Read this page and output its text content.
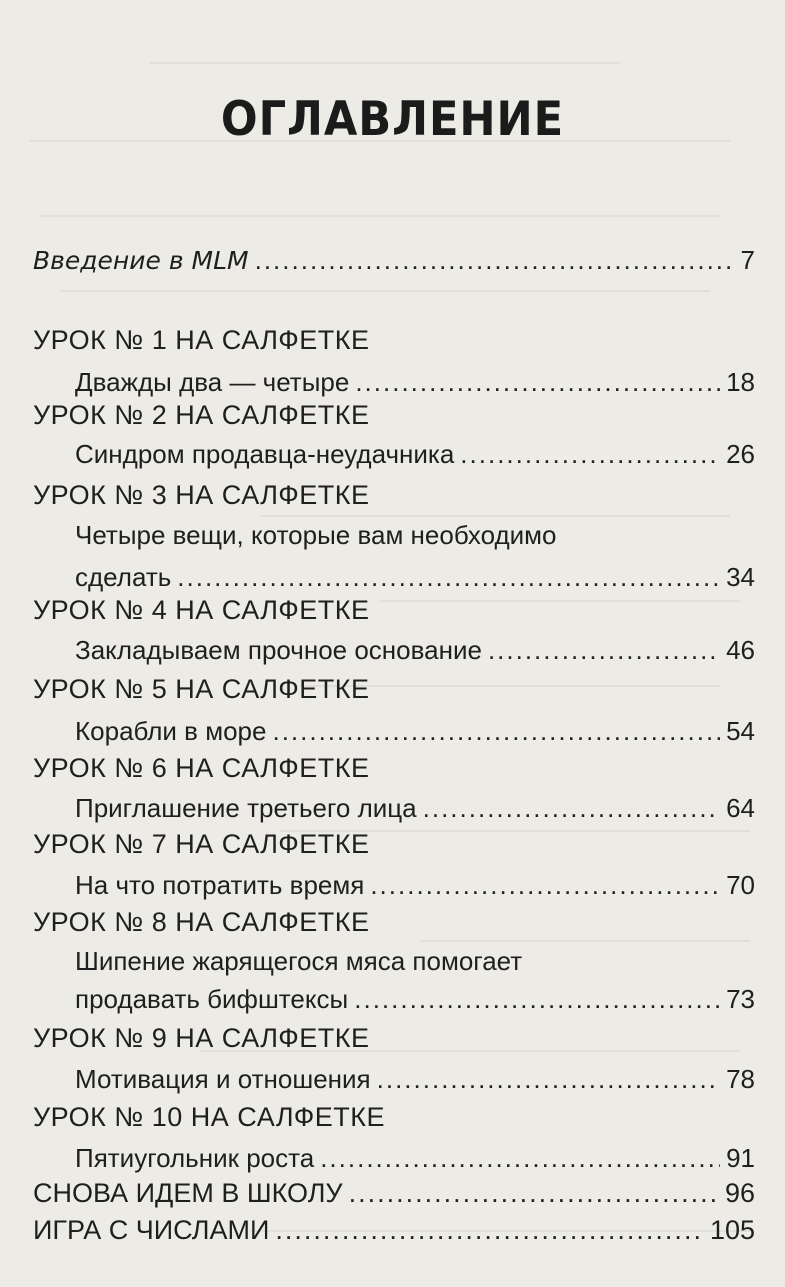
ОГЛАВЛЕНИЕ
Введение в MLM .....	7
УРОК № 1 НА САЛФЕТКЕ
Дважды два — четыре .....	18
УРОК № 2 НА САЛФЕТКЕ
Синдром продавца-неудачника .....	26
УРОК № 3 НА САЛФЕТКЕ
Четыре вещи, которые вам необходимо
сделать .....	34
УРОК № 4 НА САЛФЕТКЕ
Закладываем прочное основание .....	46
УРОК № 5 НА САЛФЕТКЕ
Корабли в море .....	54
УРОК № 6 НА САЛФЕТКЕ
Приглашение третьего лица .....	64
УРОК № 7 НА САЛФЕТКЕ
На что потратить время .....	70
УРОК № 8 НА САЛФЕТКЕ
Шипение жарящегося мяса помогает
продавать бифштексы .....	73
УРОК № 9 НА САЛФЕТКЕ
Мотивация и отношения .....	78
УРОК № 10 НА САЛФЕТКЕ
Пятиугольник роста .....	91
СНОВА ИДЕМ В ШКОЛУ .....	96
ИГРА С ЧИСЛАМИ .....	105
